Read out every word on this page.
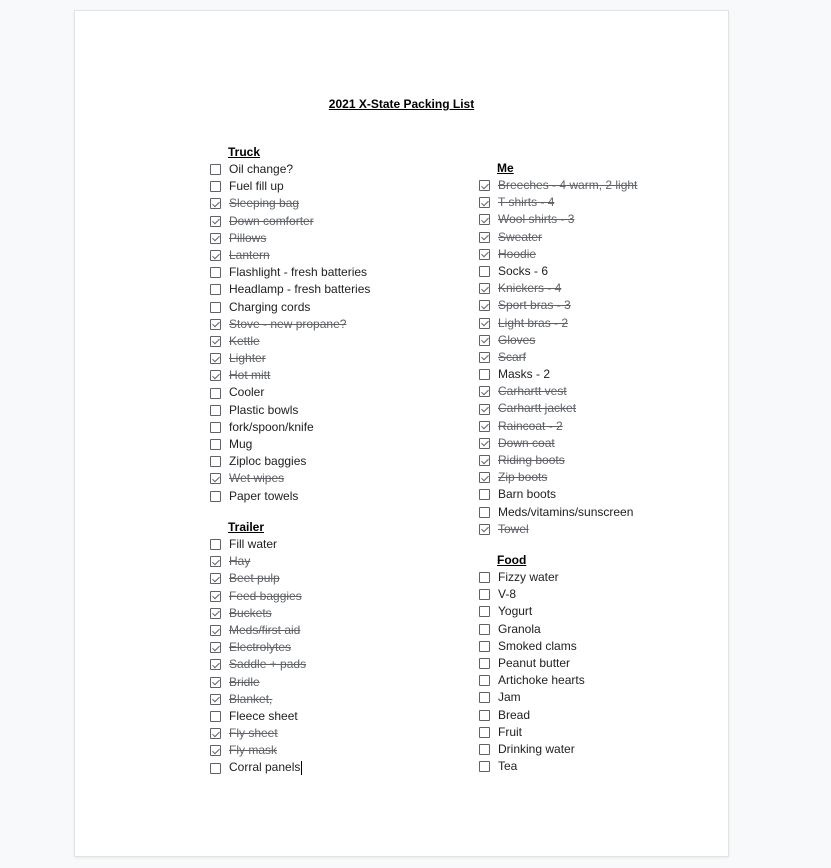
2021 X-State Packing List
Truck
Oil change?
Fuel fill up
Sleeping bag
Down comforter
Pillows
Lantern
Flashlight - fresh batteries
Headlamp - fresh batteries
Charging cords
Stove - new propane?
Kettle
Lighter
Hot mitt
Cooler
Plastic bowls
fork/spoon/knife
Mug
Ziploc baggies
Wet wipes
Paper towels
Trailer
Fill water
Hay
Beet pulp
Feed baggies
Buckets
Meds/first aid
Electrolytes
Saddle + pads
Bridle
Blanket,
Fleece sheet
Fly sheet
Fly mask
Corral panels
Me
Breeches - 4 warm, 2 light
T shirts - 4
Wool shirts - 3
Sweater
Hoodie
Socks - 6
Knickers - 4
Sport bras - 3
Light bras - 2
Gloves
Scarf
Masks - 2
Carhartt vest
Carhartt jacket
Raincoat - 2
Down coat
Riding boots
Zip boots
Barn boots
Meds/vitamins/sunscreen
Towel
Food
Fizzy water
V-8
Yogurt
Granola
Smoked clams
Peanut butter
Artichoke hearts
Jam
Bread
Fruit
Drinking water
Tea
